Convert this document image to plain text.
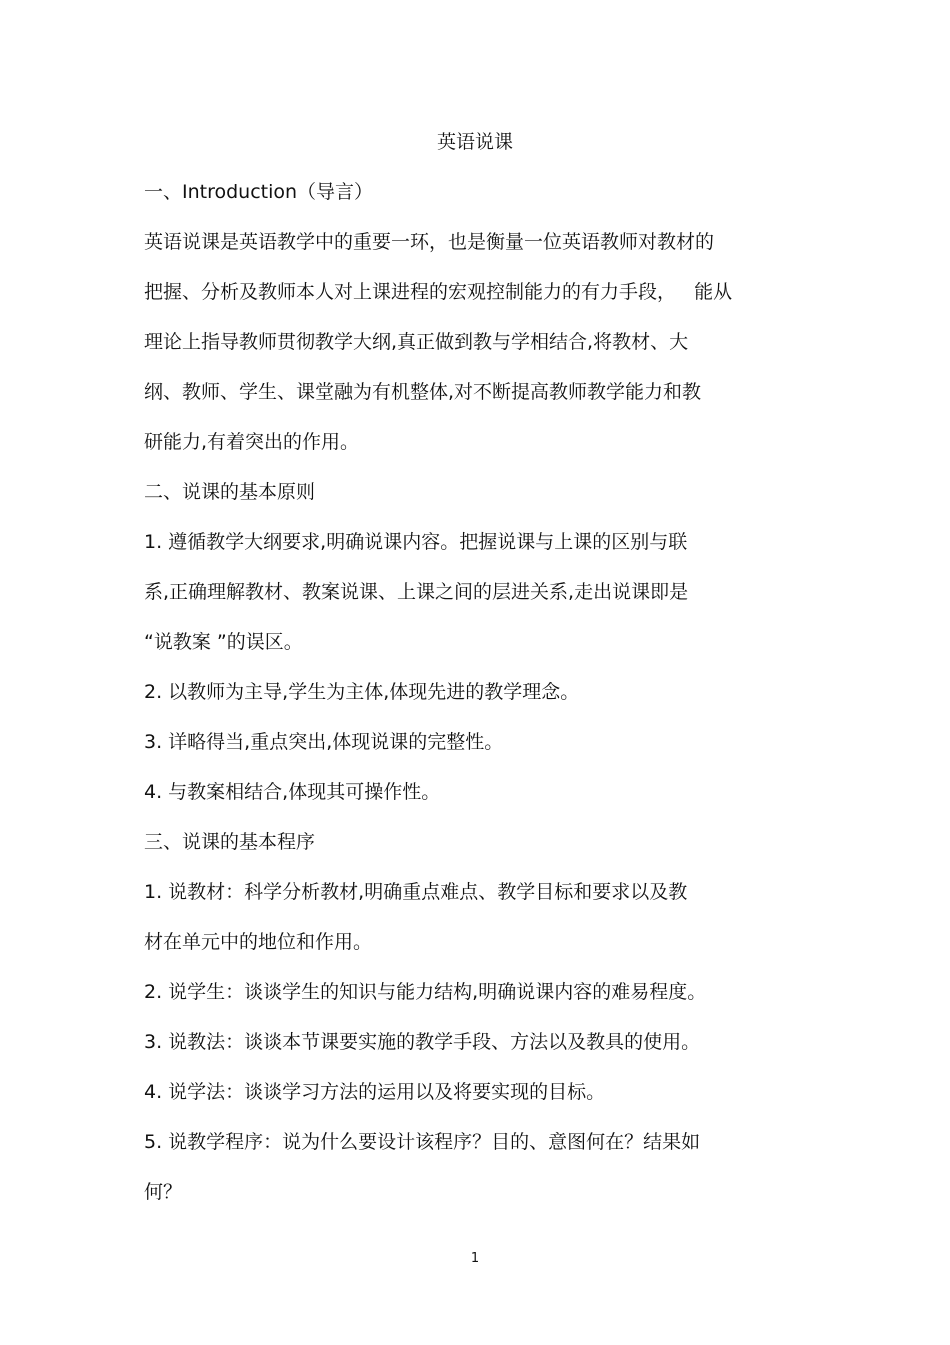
英语说课
一、Introduction（导言）
英语说课是英语教学中的重要一环，也是衡量一位英语教师对教材的
把握、分析及教师本人对上课进程的宏观控制能力的有力手段，   能从
理论上指导教师贯彻教学大纲,真正做到教与学相结合,将教材、大
纲、教师、学生、课堂融为有机整体,对不断提高教师教学能力和教
研能力,有着突出的作用。
二、说课的基本原则
1. 遵循教学大纲要求,明确说课内容。把握说课与上课的区别与联
系,正确理解教材、教案说课、上课之间的层进关系,走出说课即是
“说教案 ”的误区。
2. 以教师为主导,学生为主体,体现先进的教学理念。
3. 详略得当,重点突出,体现说课的完整性。
4. 与教案相结合,体现其可操作性。
三、说课的基本程序
1. 说教材：科学分析教材,明确重点难点、教学目标和要求以及教
材在单元中的地位和作用。
2. 说学生：谈谈学生的知识与能力结构,明确说课内容的难易程度。
3. 说教法：谈谈本节课要实施的教学手段、方法以及教具的使用。
4. 说学法：谈谈学习方法的运用以及将要实现的目标。
5. 说教学程序：说为什么要设计该程序？目的、意图何在？结果如
何？
1
